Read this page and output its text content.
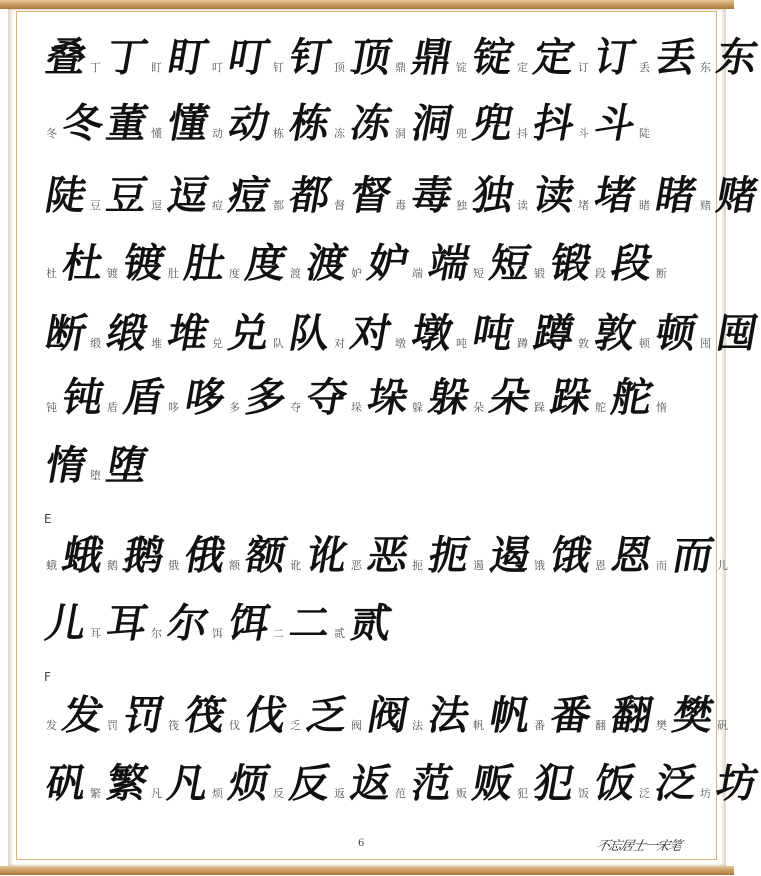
叠 丁丁 盯盯 叮叮 钉钉 顶顶 鼎鼎 锭锭 定定 订订 丢丢 东东
冬冬董 懂懂 动动 栋栋 冻冻 洞洞 兜兜 抖抖 斗斗 陡
陡 豆豆 逗逗 痘痘 都都 督督 毒毒 独独 读读 堵堵 睹睹 赌赌
杜杜 镀镀 肚肚 度度 渡渡 妒妒 端端 短短 锻锻 段段 断
断 缎缎 堆堆 兑兑 队队 对对 墩墩 吨吨 蹲蹲 敦敦 顿顿 囤囤
钝钝 盾盾 哆哆 多多 夺夺 垛垛 躲躲 朵朵 跺跺 舵舵 惰
惰 堕堕
E
蛾蛾 鹅鹅 俄俄 额额 讹讹 恶恶 扼扼 遏遏 饿饿 恩恩 而而 儿
儿 耳耳 尔尔 饵饵 二二 贰贰
F
发发 罚罚 筏筏 伐伐 乏乏 阀阀 法法 帆帆 番番 翻翻 樊樊 矾
矾 繁繁 凡凡 烦烦 反反 返返 范范 贩贩 犯犯 饭饭 泛泛 坊坊
6	不忘居士一宋笔
